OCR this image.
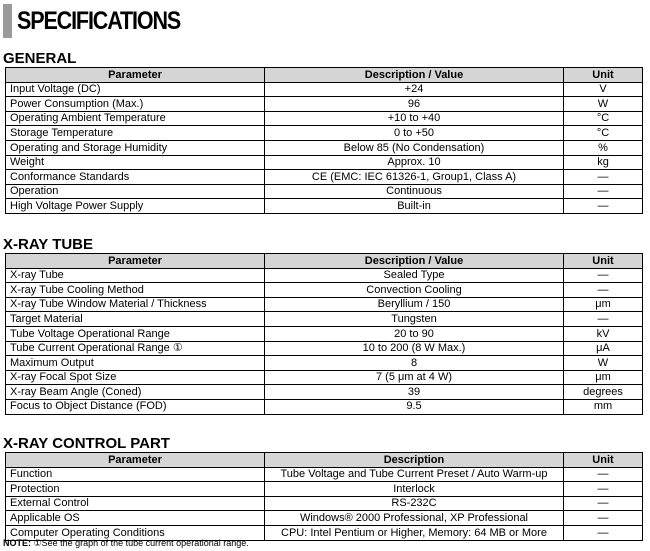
SPECIFICATIONS
GENERAL
Parameter	Description / Value	Unit
Input Voltage (DC)	+24	V
Power Consumption (Max.)	96	W
Operating Ambient Temperature	+10 to +40	°C
Storage Temperature	0 to +50	°C
Operating and Storage Humidity	Below 85 (No Condensation)	%
Weight	Approx. 10	kg
Conformance Standards	CE (EMC: IEC 61326-1, Group1, Class A)	—
Operation	Continuous	—
High Voltage Power Supply	Built-in	—
X-RAY TUBE
Parameter	Description / Value	Unit
X-ray Tube	Sealed Type	—
X-ray Tube Cooling Method	Convection Cooling	—
X-ray Tube Window Material / Thickness	Beryllium / 150	μm
Target Material	Tungsten	—
Tube Voltage Operational Range	20 to 90	kV
Tube Current Operational Range ①	10 to 200 (8 W Max.)	μA
Maximum Output	8	W
X-ray Focal Spot Size	7 (5 μm at 4 W)	μm
X-ray Beam Angle (Coned)	39	degrees
Focus to Object Distance (FOD)	9.5	mm
X-RAY CONTROL PART
Parameter	Description	Unit
Function	Tube Voltage and Tube Current Preset / Auto Warm-up	—
Protection	Interlock	—
External Control	RS-232C	—
Applicable OS	Windows® 2000 Professional, XP Professional	—
Computer Operating Conditions	CPU: Intel Pentium or Higher, Memory: 64 MB or More	—
NOTE: ①See the graph of the tube current operational range.
